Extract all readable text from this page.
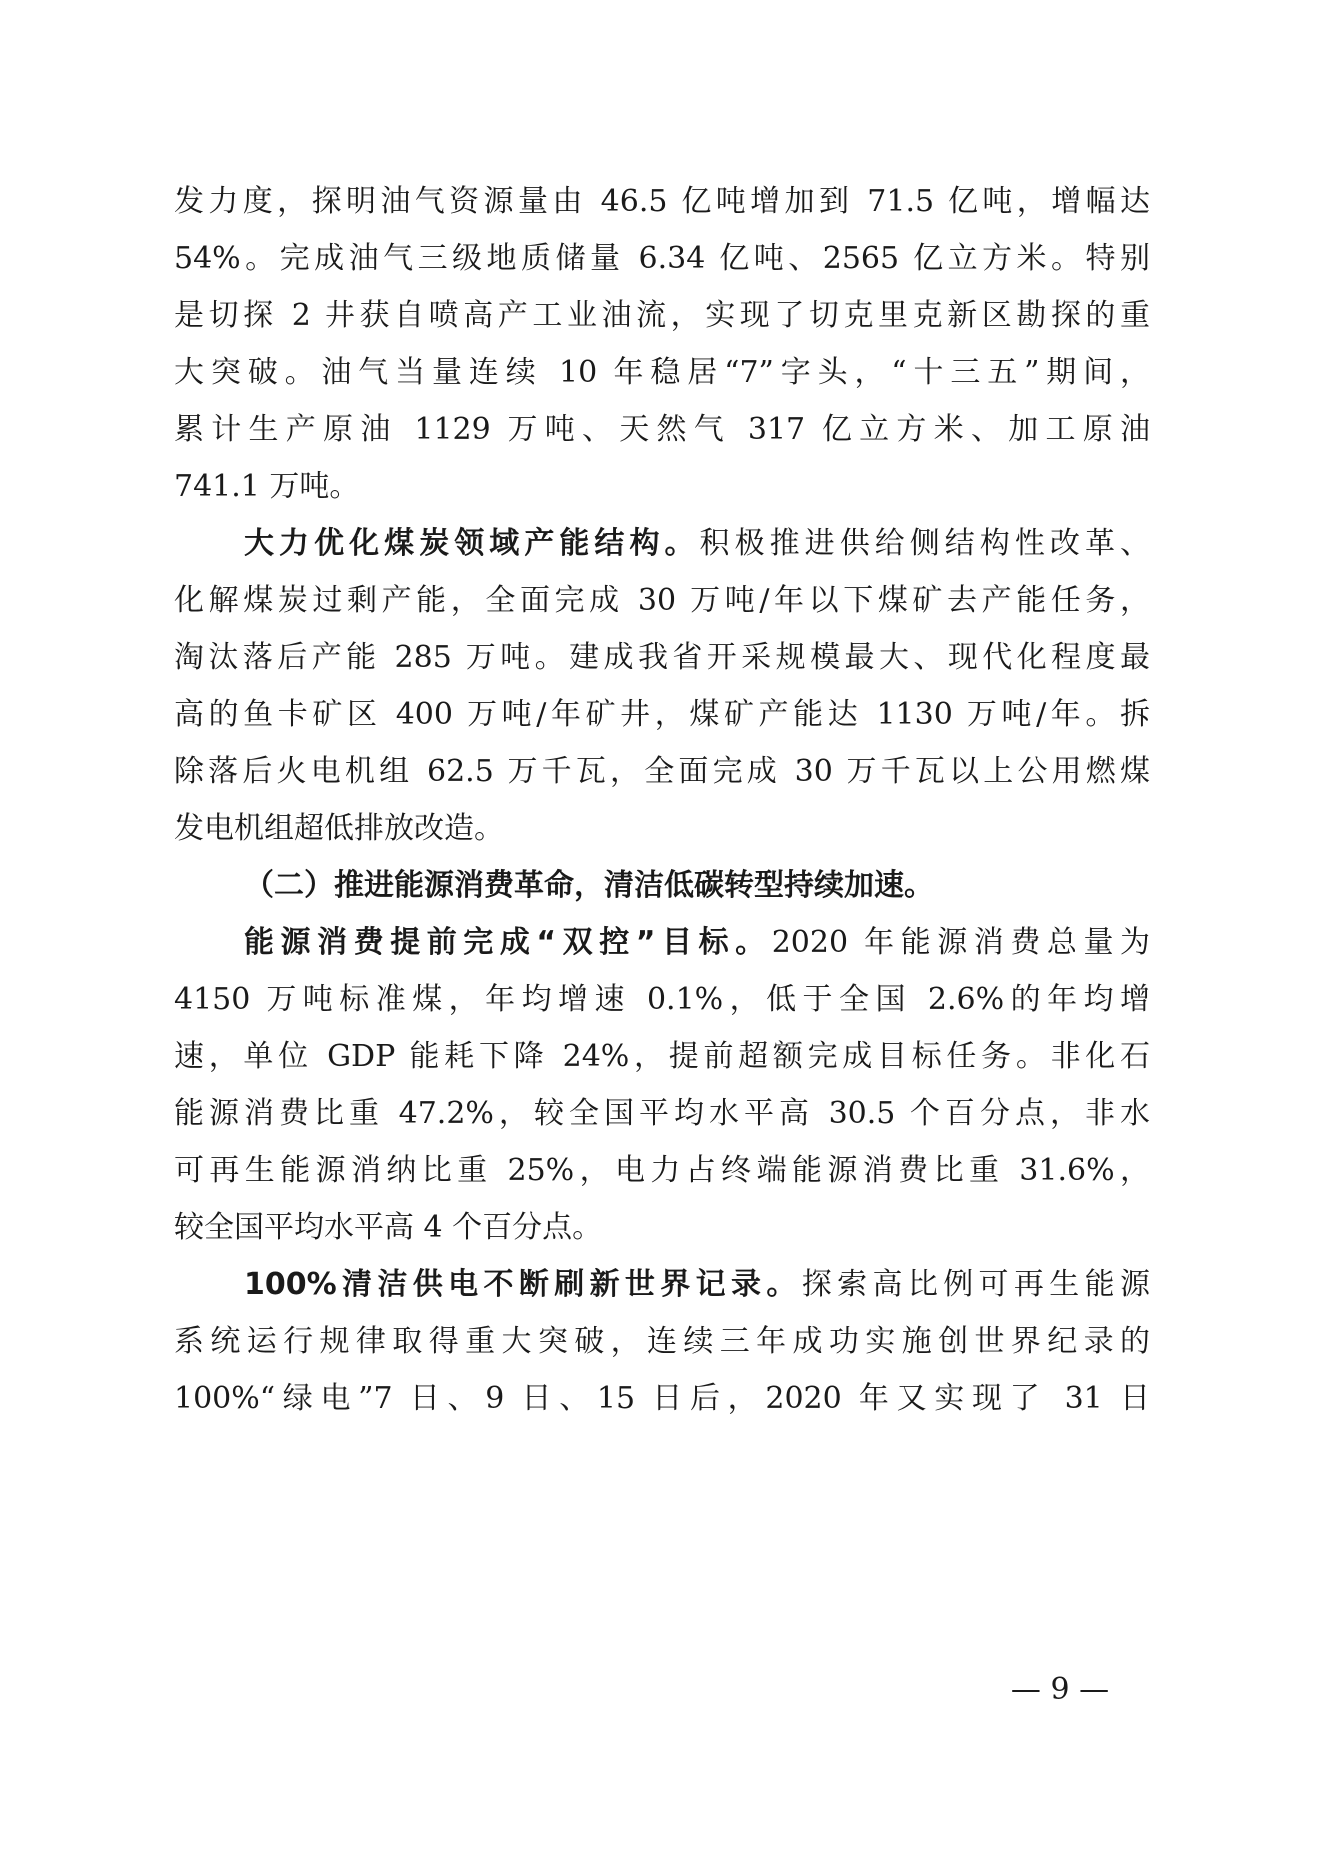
发力度，探明油气资源量由 46.5 亿吨增加到 71.5 亿吨，增幅达
54%。完成油气三级地质储量 6.34 亿吨、2565 亿立方米。特别
是切探 2 井获自喷高产工业油流，实现了切克里克新区勘探的重
大突破。油气当量连续 10 年稳居“7”字头，“十三五”期间，
累计生产原油 1129 万吨、天然气 317 亿立方米、加工原油
741.1 万吨。
大力优化煤炭领域产能结构。积极推进供给侧结构性改革、
化解煤炭过剩产能，全面完成 30 万吨/年以下煤矿去产能任务，
淘汰落后产能 285 万吨。建成我省开采规模最大、现代化程度最
高的鱼卡矿区 400 万吨/年矿井，煤矿产能达 1130 万吨/年。拆
除落后火电机组 62.5 万千瓦，全面完成 30 万千瓦以上公用燃煤
发电机组超低排放改造。
（二）推进能源消费革命，清洁低碳转型持续加速。
能源消费提前完成“双控”目标。2020 年能源消费总量为
4150 万吨标准煤，年均增速 0.1%，低于全国 2.6%的年均增
速，单位 GDP 能耗下降 24%，提前超额完成目标任务。非化石
能源消费比重 47.2%，较全国平均水平高 30.5 个百分点，非水
可再生能源消纳比重 25%，电力占终端能源消费比重 31.6%，
较全国平均水平高 4 个百分点。
100%清洁供电不断刷新世界记录。探索高比例可再生能源
系统运行规律取得重大突破，连续三年成功实施创世界纪录的
100%“绿电”7 日、9 日、15 日后，2020 年又实现了 31 日
— 9 —
